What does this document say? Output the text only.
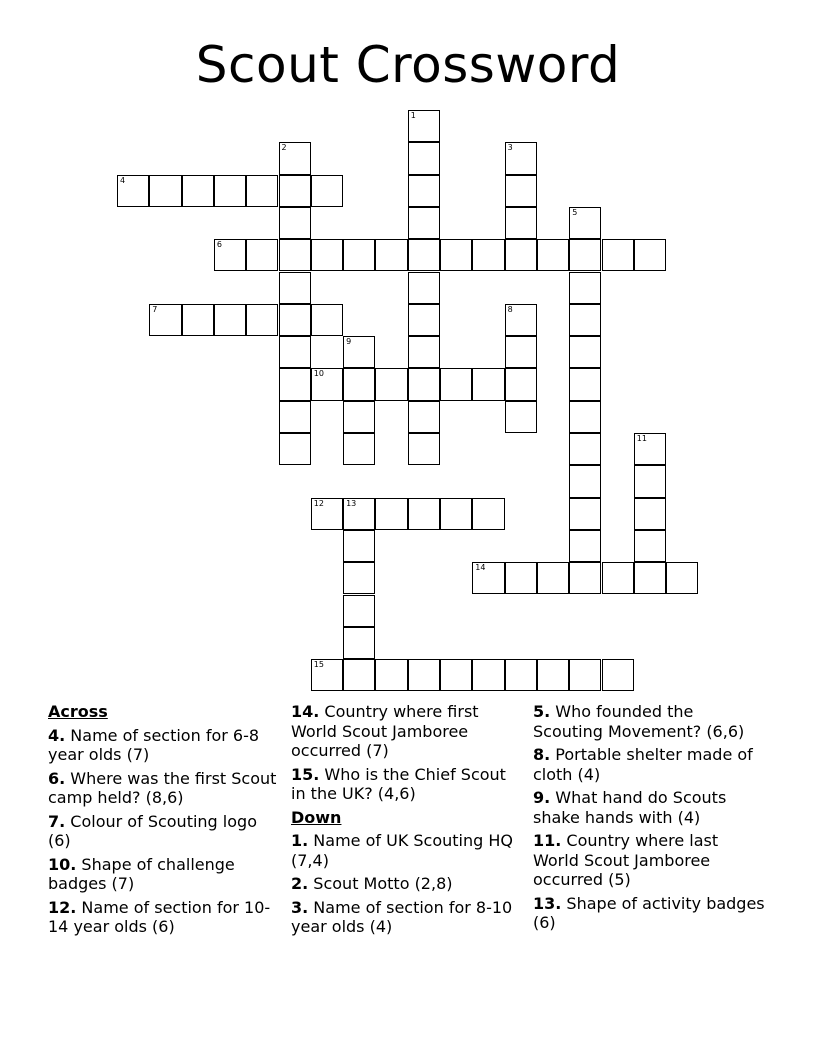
Scout Crossword
1
2	3
4
5
6
7	8
9
10
11
12	13
14
15
Across
4. Name of section for 6-8 year olds (7)
6. Where was the first Scout camp held? (8,6)
7. Colour of Scouting logo (6)
10. Shape of challenge badges (7)
12. Name of section for 10-14 year olds (6)
14. Country where first World Scout Jamboree occurred (7)
15. Who is the Chief Scout in the UK? (4,6)
Down
1. Name of UK Scouting HQ (7,4)
2. Scout Motto (2,8)
3. Name of section for 8-10 year olds (4)
5. Who founded the Scouting Movement? (6,6)
8. Portable shelter made of cloth (4)
9. What hand do Scouts shake hands with (4)
11. Country where last World Scout Jamboree occurred (5)
13. Shape of activity badges (6)
